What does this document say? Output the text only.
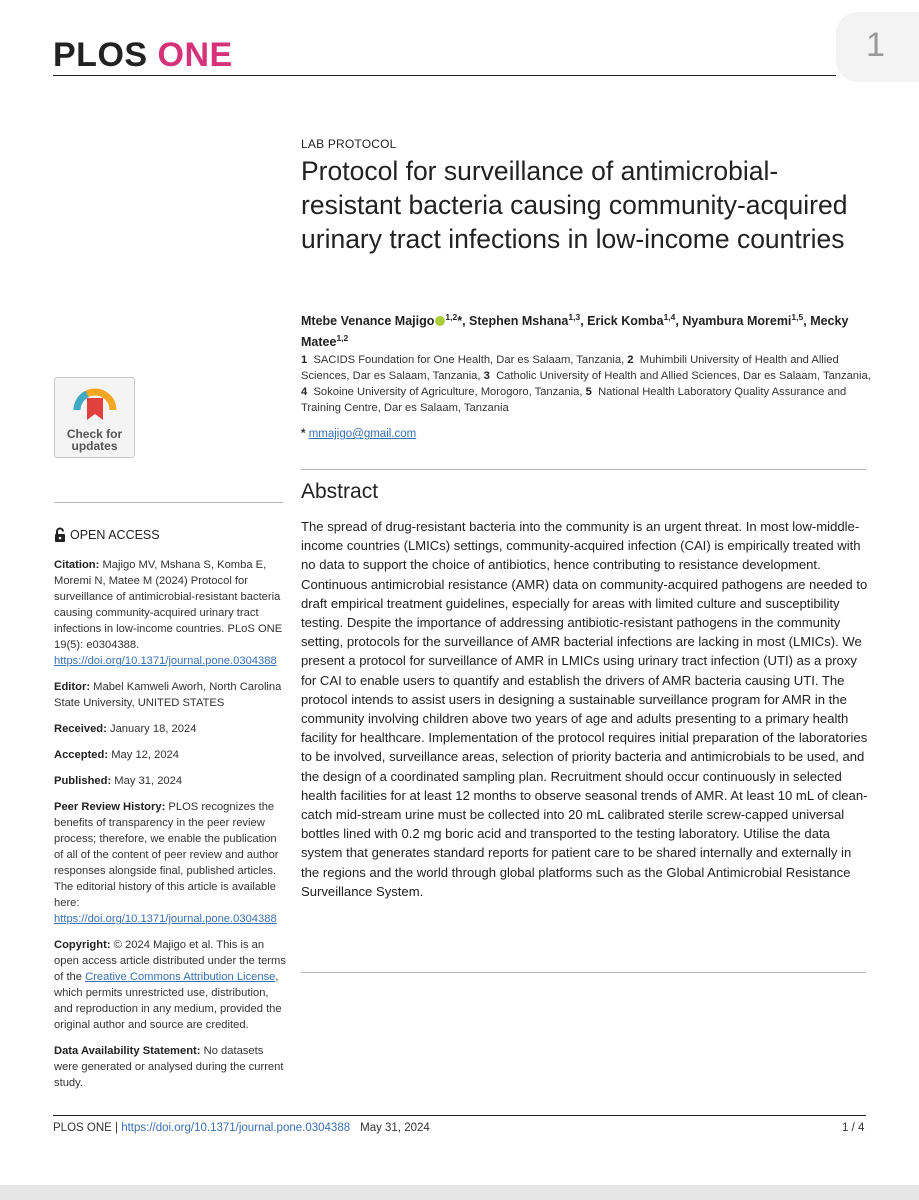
PLOS ONE	1
Check for
updates
OPEN ACCESS

Citation: Majigo MV, Mshana S, Komba E, Moremi N, Matee M (2024) Protocol for surveillance of antimicrobial-resistant bacteria causing community-acquired urinary tract infections in low-income countries. PLoS ONE 19(5): e0304388. https://doi.org/10.1371/journal.pone.0304388

Editor: Mabel Kamweli Aworh, North Carolina State University, UNITED STATES

Received: January 18, 2024

Accepted: May 12, 2024

Published: May 31, 2024

Peer Review History: PLOS recognizes the benefits of transparency in the peer review process; therefore, we enable the publication of all of the content of peer review and author responses alongside final, published articles. The editorial history of this article is available here: https://doi.org/10.1371/journal.pone.0304388

Copyright: © 2024 Majigo et al. This is an open access article distributed under the terms of the Creative Commons Attribution License, which permits unrestricted use, distribution, and reproduction in any medium, provided the original author and source are credited.

Data Availability Statement: No datasets were generated or analysed during the current study.

LAB PROTOCOL
Protocol for surveillance of antimicrobial-resistant bacteria causing community-acquired urinary tract infections in low-income countries
Mtebe Venance Majigo $^{1,2}$*, Stephen Mshana$^{1,3}$, Erick Komba$^{1,4}$, Nyambura Moremi$^{1,5}$, Mecky Matee$^{1,2}$
1 SACIDS Foundation for One Health, Dar es Salaam, Tanzania, 2 Muhimbili University of Health and Allied Sciences, Dar es Salaam, Tanzania, 3 Catholic University of Health and Allied Sciences, Dar es Salaam, Tanzania, 4 Sokoine University of Agriculture, Morogoro, Tanzania, 5 National Health Laboratory Quality Assurance and Training Centre, Dar es Salaam, Tanzania
* mmajigo@gmail.com
Abstract

The spread of drug-resistant bacteria into the community is an urgent threat. In most low-middle-income countries (LMICs) settings, community-acquired infection (CAI) is empirically treated with no data to support the choice of antibiotics, hence contributing to resistance development. Continuous antimicrobial resistance (AMR) data on community-acquired pathogens are needed to draft empirical treatment guidelines, especially for areas with limited culture and susceptibility testing. Despite the importance of addressing antibiotic-resistant pathogens in the community setting, protocols for the surveillance of AMR bacterial infections are lacking in most (LMICs). We present a protocol for surveillance of AMR in LMICs using urinary tract infection (UTI) as a proxy for CAI to enable users to quantify and establish the drivers of AMR bacteria causing UTI. The protocol intends to assist users in designing a sustainable surveillance program for AMR in the community involving children above two years of age and adults presenting to a primary health facility for healthcare. Implementation of the protocol requires initial preparation of the laboratories to be involved, surveillance areas, selection of priority bacteria and antimicrobials to be used, and the design of a coordinated sampling plan. Recruitment should occur continuously in selected health facilities for at least 12 months to observe seasonal trends of AMR. At least 10 mL of clean-catch mid-stream urine must be collected into 20 mL calibrated sterile screw-capped universal bottles lined with 0.2 mg boric acid and transported to the testing laboratory. Utilise the data system that generates standard reports for patient care to be shared internally and externally in the regions and the world through global platforms such as the Global Antimicrobial Resistance Surveillance System.

PLOS ONE | https://doi.org/10.1371/journal.pone.0304388 May 31, 2024	1 / 4
